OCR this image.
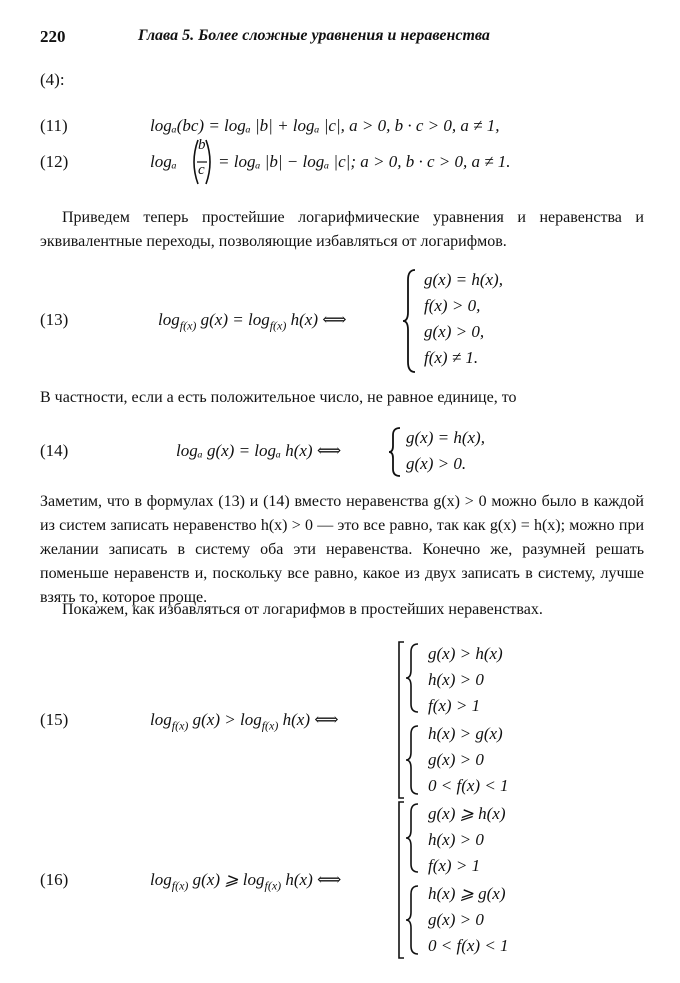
220	Глава 5. Более сложные уравнения и неравенства
(4):
(11)	logₐ(bc) = logₐ |b| + logₐ |c|, a > 0, b · c > 0, a ≠ 1,
(12)	logₐ
b
c = logₐ |b| − logₐ |c|; a > 0, b · c > 0, a ≠ 1.
Приведем теперь простейшие логарифмические уравнения и неравенства и эквивалентные переходы, позволяющие избавляться от логарифмов.
(13)	$\log_{f(x)} g(x) = \log_{f(x)} h(x)$ ⟺
g(x) = h(x),
f(x) > 0,
g(x) > 0,
f(x) ≠ 1.
В частности, если a есть положительное число, не равное единице, то
(14)	logₐ g(x) = logₐ h(x) ⟺
g(x) = h(x),
g(x) > 0.
Заметим, что в формулах (13) и (14) вместо неравенства g(x) > 0 можно было в каждой из систем записать неравенство h(x) > 0 — это все равно, так как g(x) = h(x); можно при желании записать в систему оба эти неравенства. Конечно же, разумней решать поменьше неравенств и, поскольку все равно, какое из двух записать в систему, лучше взять то, которое проще.
Покажем, как избавляться от логарифмов в простейших неравенствах.
(15)	$\log_{f(x)} g(x) > \log_{f(x)} h(x)$ ⟺
g(x) > h(x)
h(x) > 0
f(x) > 1
h(x) > g(x)
g(x) > 0
0 < f(x) < 1
(16)	$\log_{f(x)} g(x)$ ⩾ $\log_{f(x)} h(x)$ ⟺
g(x) ⩾ h(x)
h(x) > 0
f(x) > 1
h(x) ⩾ g(x)
g(x) > 0
0 < f(x) < 1
